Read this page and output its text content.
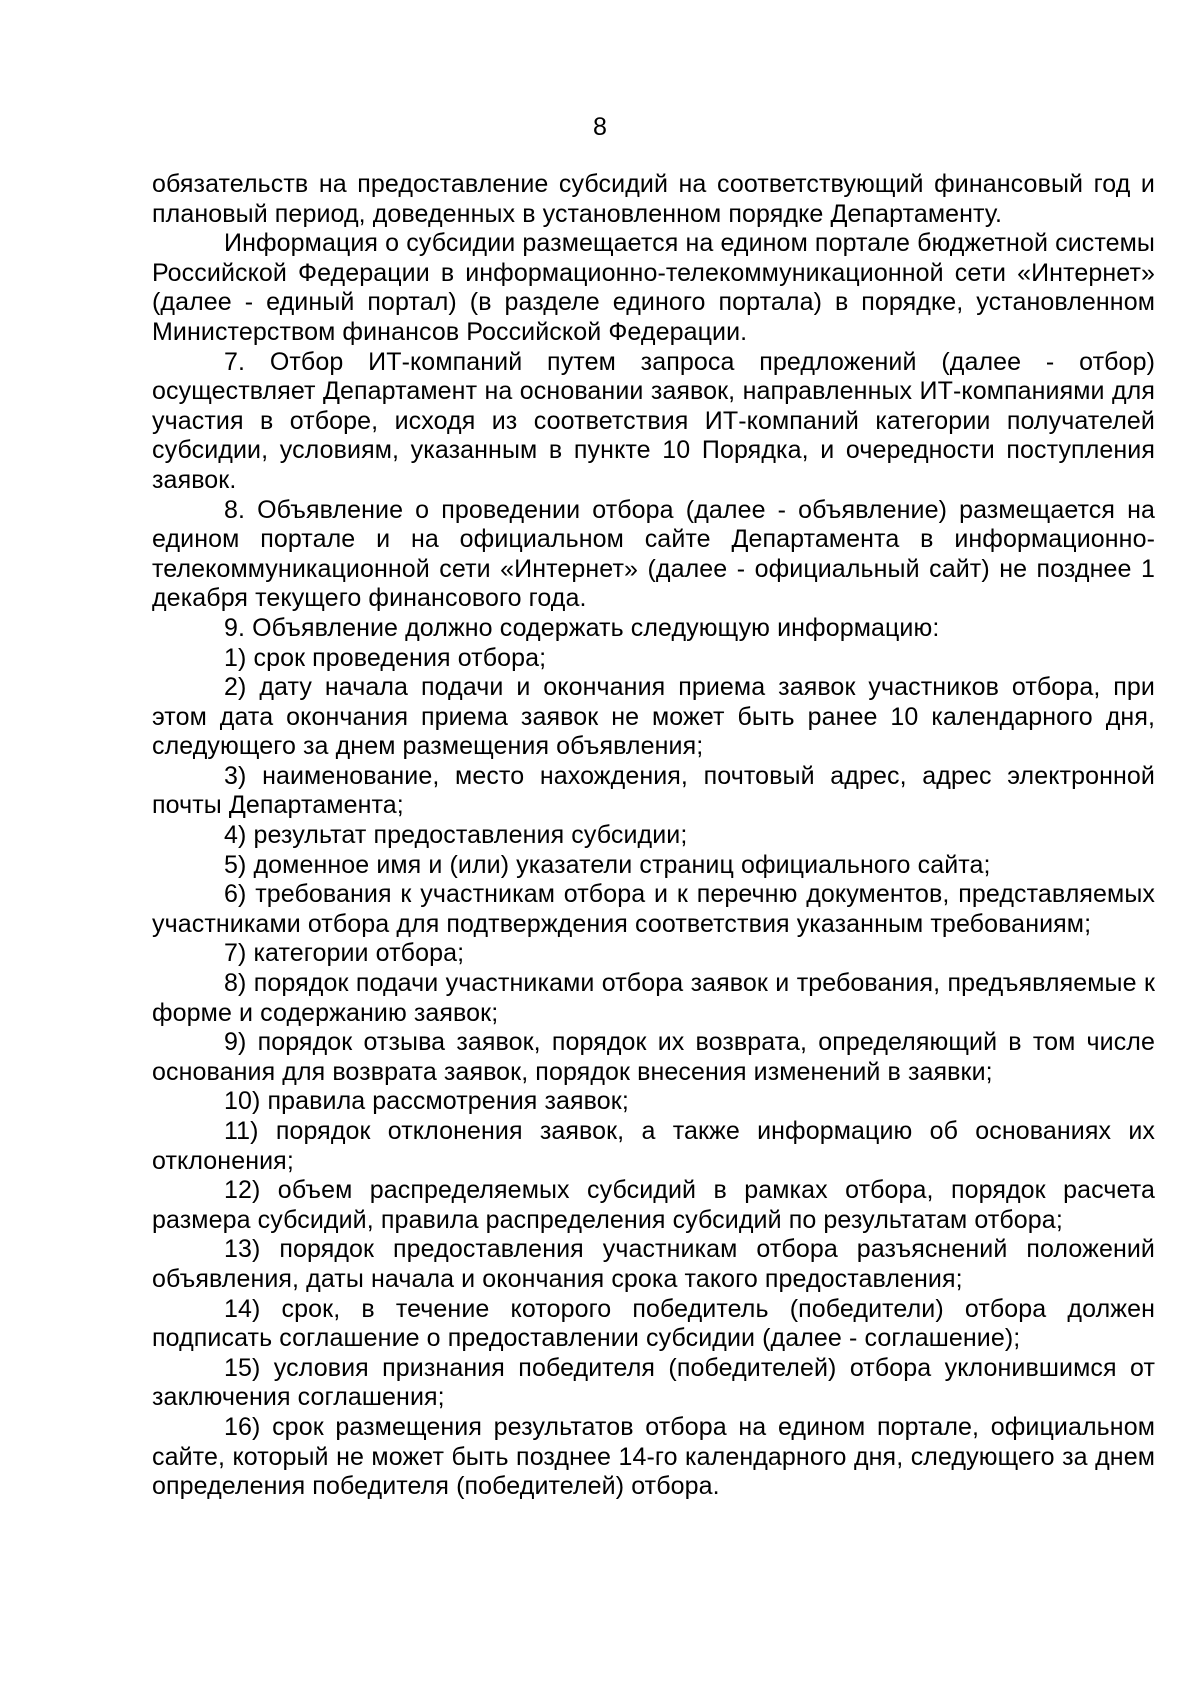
8

обязательств на предоставление субсидий на соответствующий финансовый год и плановый период, доведенных в установленном порядке Департаменту.

Информация о субсидии размещается на едином портале бюджетной системы Российской Федерации в информационно-телекоммуникационной сети «Интернет» (далее - единый портал) (в разделе единого портала) в порядке, установленном Министерством финансов Российской Федерации.

7. Отбор ИТ-компаний путем запроса предложений (далее - отбор) осуществляет Департамент на основании заявок, направленных ИТ-компаниями для участия в отборе, исходя из соответствия ИТ-компаний категории получателей субсидии, условиям, указанным в пункте 10 Порядка, и очередности поступления заявок.

8. Объявление о проведении отбора (далее - объявление) размещается на едином портале и на официальном сайте Департамента в информационно-телекоммуникационной сети «Интернет» (далее - официальный сайт) не позднее 1 декабря текущего финансового года.

9. Объявление должно содержать следующую информацию:

1) срок проведения отбора;

2) дату начала подачи и окончания приема заявок участников отбора, при этом дата окончания приема заявок не может быть ранее 10 календарного дня, следующего за днем размещения объявления;

3) наименование, место нахождения, почтовый адрес, адрес электронной почты Департамента;

4) результат предоставления субсидии;

5) доменное имя и (или) указатели страниц официального сайта;

6) требования к участникам отбора и к перечню документов, представляемых участниками отбора для подтверждения соответствия указанным требованиям;

7) категории отбора;

8) порядок подачи участниками отбора заявок и требования, предъявляемые к форме и содержанию заявок;

9) порядок отзыва заявок, порядок их возврата, определяющий в том числе основания для возврата заявок, порядок внесения изменений в заявки;

10) правила рассмотрения заявок;

11) порядок отклонения заявок, а также информацию об основаниях их отклонения;

12) объем распределяемых субсидий в рамках отбора, порядок расчета размера субсидий, правила распределения субсидий по результатам отбора;

13) порядок предоставления участникам отбора разъяснений положений объявления, даты начала и окончания срока такого предоставления;

14) срок, в течение которого победитель (победители) отбора должен подписать соглашение о предоставлении субсидии (далее - соглашение);

15) условия признания победителя (победителей) отбора уклонившимся от заключения соглашения;

16) срок размещения результатов отбора на едином портале, официальном сайте, который не может быть позднее 14-го календарного дня, следующего за днем определения победителя (победителей) отбора.
